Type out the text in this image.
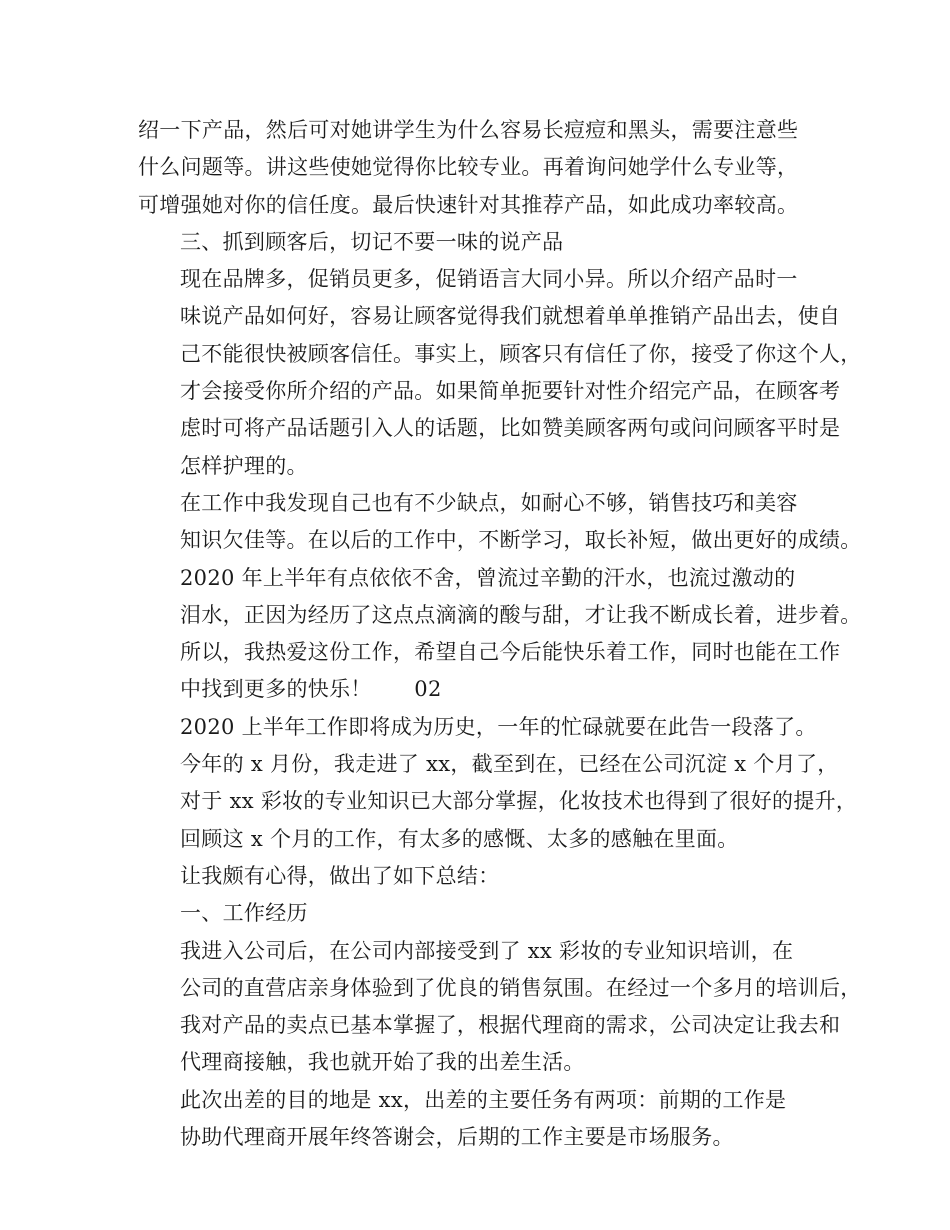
绍一下产品，然后可对她讲学生为什么容易长痘痘和黑头，需要注意些
什么问题等。讲这些使她觉得你比较专业。再着询问她学什么专业等，
可增强她对你的信任度。最后快速针对其推荐产品，如此成功率较高。

三、抓到顾客后，切记不要一味的说产品

现在品牌多，促销员更多，促销语言大同小异。所以介绍产品时一
味说产品如何好，容易让顾客觉得我们就想着单单推销产品出去，使自
己不能很快被顾客信任。事实上，顾客只有信任了你，接受了你这个人，
才会接受你所介绍的产品。如果简单扼要针对性介绍完产品，在顾客考
虑时可将产品话题引入人的话题，比如赞美顾客两句或问问顾客平时是
怎样护理的。

在工作中我发现自己也有不少缺点，如耐心不够，销售技巧和美容
知识欠佳等。在以后的工作中，不断学习，取长补短，做出更好的成绩。

2020 年上半年有点依依不舍，曾流过辛勤的汗水，也流过激动的
泪水，正因为经历了这点点滴滴的酸与甜，才让我不断成长着，进步着。
所以，我热爱这份工作，希望自己今后能快乐着工作，同时也能在工作
中找到更多的快乐！　　02

2020 上半年工作即将成为历史，一年的忙碌就要在此告一段落了。

今年的 x 月份，我走进了 xx，截至到在，已经在公司沉淀 x 个月了，
对于 xx 彩妆的专业知识已大部分掌握，化妆技术也得到了很好的提升，
回顾这 x 个月的工作，有太多的感慨、太多的感触在里面。

让我颇有心得，做出了如下总结：

一、工作经历

我进入公司后，在公司内部接受到了 xx 彩妆的专业知识培训，在
公司的直营店亲身体验到了优良的销售氛围。在经过一个多月的培训后，
我对产品的卖点已基本掌握了，根据代理商的需求，公司决定让我去和
代理商接触，我也就开始了我的出差生活。

此次出差的目的地是 xx，出差的主要任务有两项：前期的工作是
协助代理商开展年终答谢会，后期的工作主要是市场服务。
